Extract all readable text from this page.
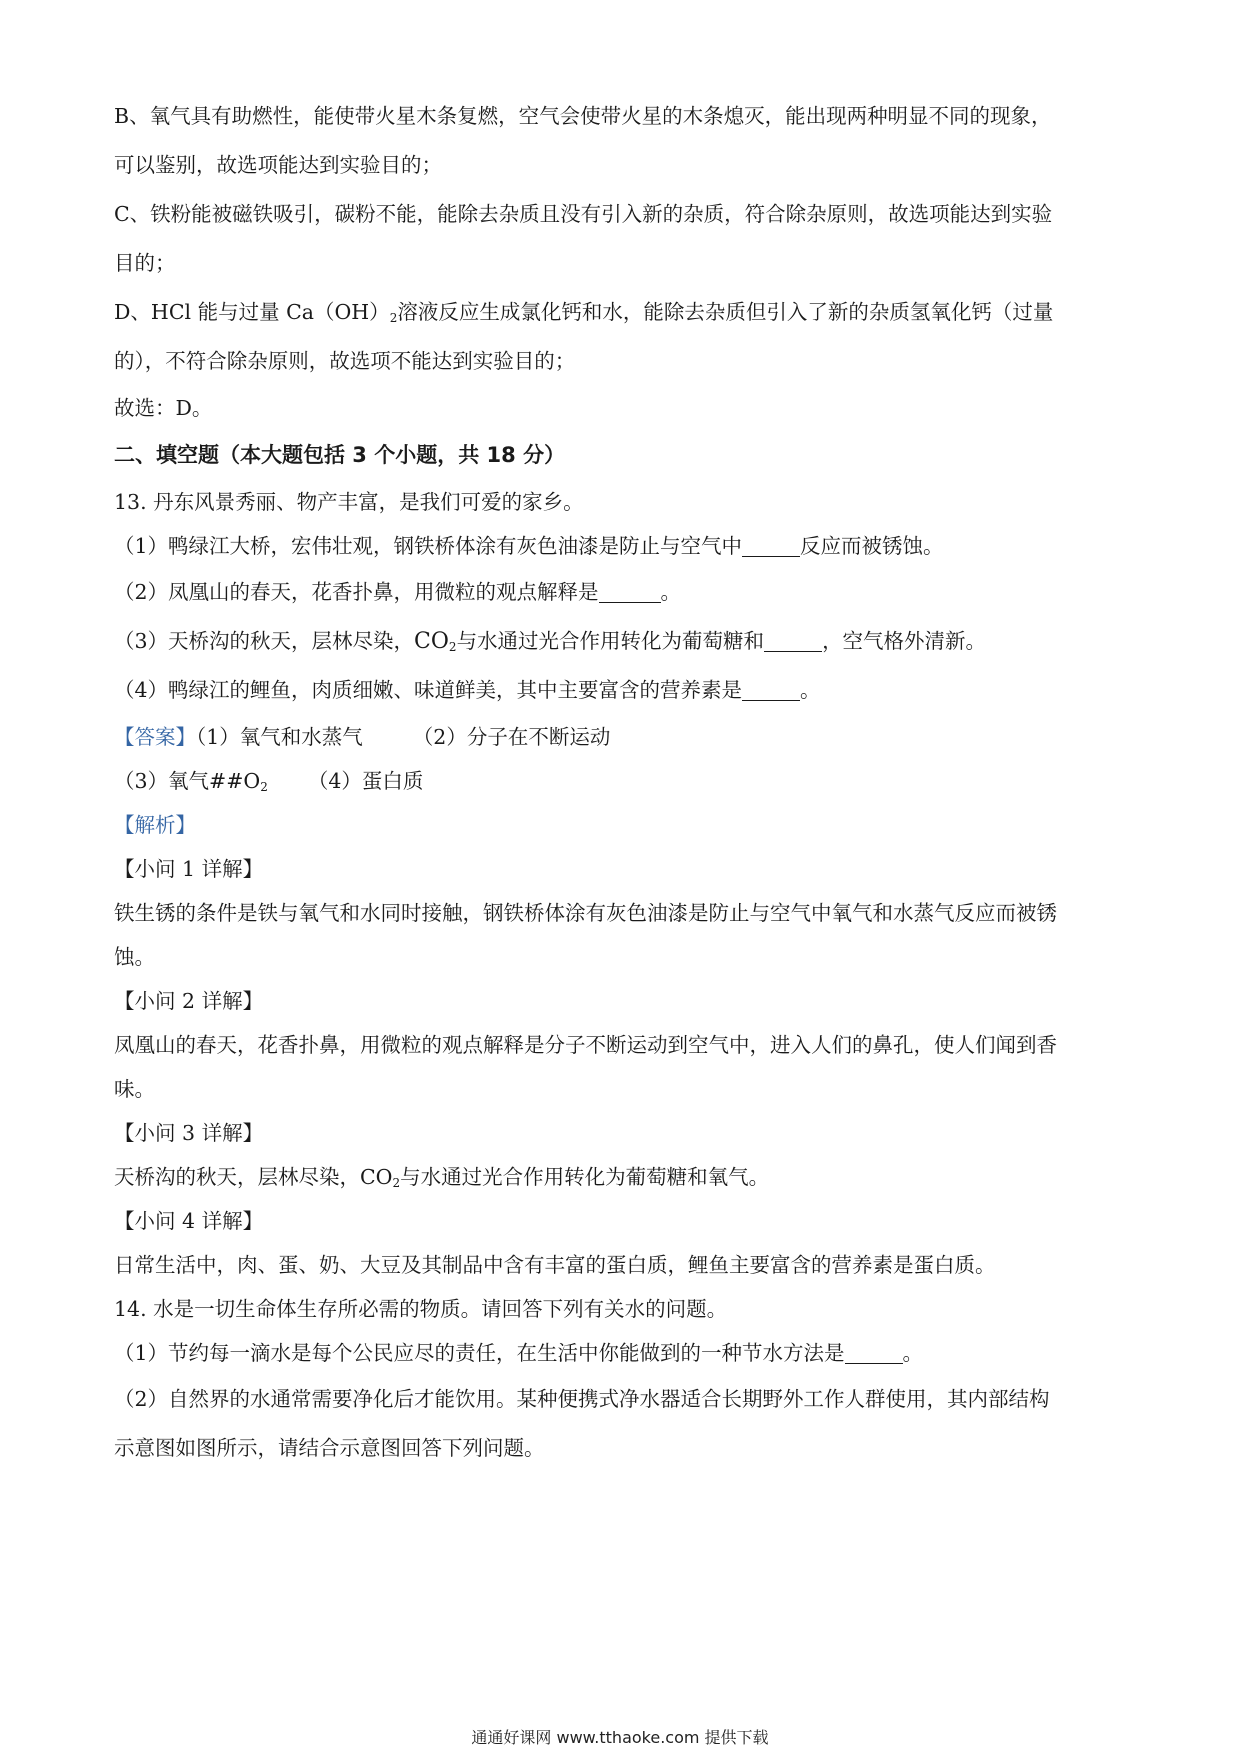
B、氧气具有助燃性，能使带火星木条复燃，空气会使带火星的木条熄灭，能出现两种明显不同的现象，
可以鉴别，故选项能达到实验目的；
C、铁粉能被磁铁吸引，碳粉不能，能除去杂质且没有引入新的杂质，符合除杂原则，故选项能达到实验
目的；
D、HCl 能与过量 $Ca(OH)_2$溶液反应生成氯化钙和水，能除去杂质但引入了新的杂质氢氧化钙（过量
的），不符合除杂原则，故选项不能达到实验目的；
故选：D。
二、填空题（本大题包括 3 个小题，共 18 分）
13. 丹东风景秀丽、物产丰富，是我们可爱的家乡。
（1）鸭绿江大桥，宏伟壮观，钢铁桥体涂有灰色油漆是防止与空气中	反应而被锈蚀。
（2）凤凰山的春天，花香扑鼻，用微粒的观点解释是	。
（3）天桥沟的秋天，层林尽染，$CO_2$与水通过光合作用转化为葡萄糖和	，空气格外清新。
（4）鸭绿江的鲤鱼，肉质细嫩、味道鲜美，其中主要富含的营养素是	。
【答案】（1）氧气和水蒸气 （2）分子在不断运动
（3）氧气$\#\#O_2$ （4）蛋白质
【解析】
【小问 1 详解】
铁生锈的条件是铁与氧气和水同时接触，钢铁桥体涂有灰色油漆是防止与空气中氧气和水蒸气反应而被锈
蚀。
【小问 2 详解】
凤凰山的春天，花香扑鼻，用微粒的观点解释是分子不断运动到空气中，进入人们的鼻孔，使人们闻到香
味。
【小问 3 详解】
天桥沟的秋天，层林尽染，$CO_2$与水通过光合作用转化为葡萄糖和氧气。
【小问 4 详解】
日常生活中，肉、蛋、奶、大豆及其制品中含有丰富的蛋白质，鲤鱼主要富含的营养素是蛋白质。
14. 水是一切生命体生存所必需的物质。请回答下列有关水的问题。
（1）节约每一滴水是每个公民应尽的责任，在生活中你能做到的一种节水方法是	。
（2）自然界的水通常需要净化后才能饮用。某种便携式净水器适合长期野外工作人群使用，其内部结构
示意图如图所示，请结合示意图回答下列问题。
通通好课网 www.tthaoke.com 提供下载
